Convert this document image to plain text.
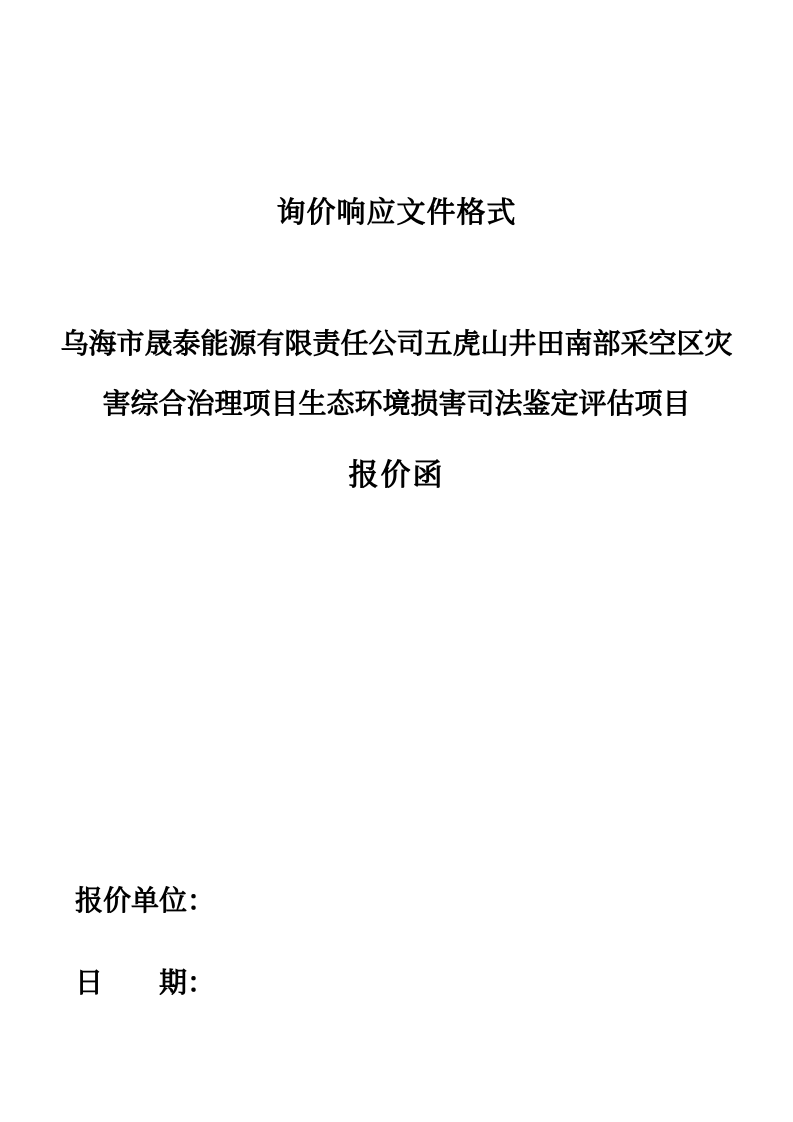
询价响应文件格式
乌海市晟泰能源有限责任公司五虎山井田南部采空区灾
害综合治理项目生态环境损害司法鉴定评估项目
报价函
报价单位：
日　　期：
